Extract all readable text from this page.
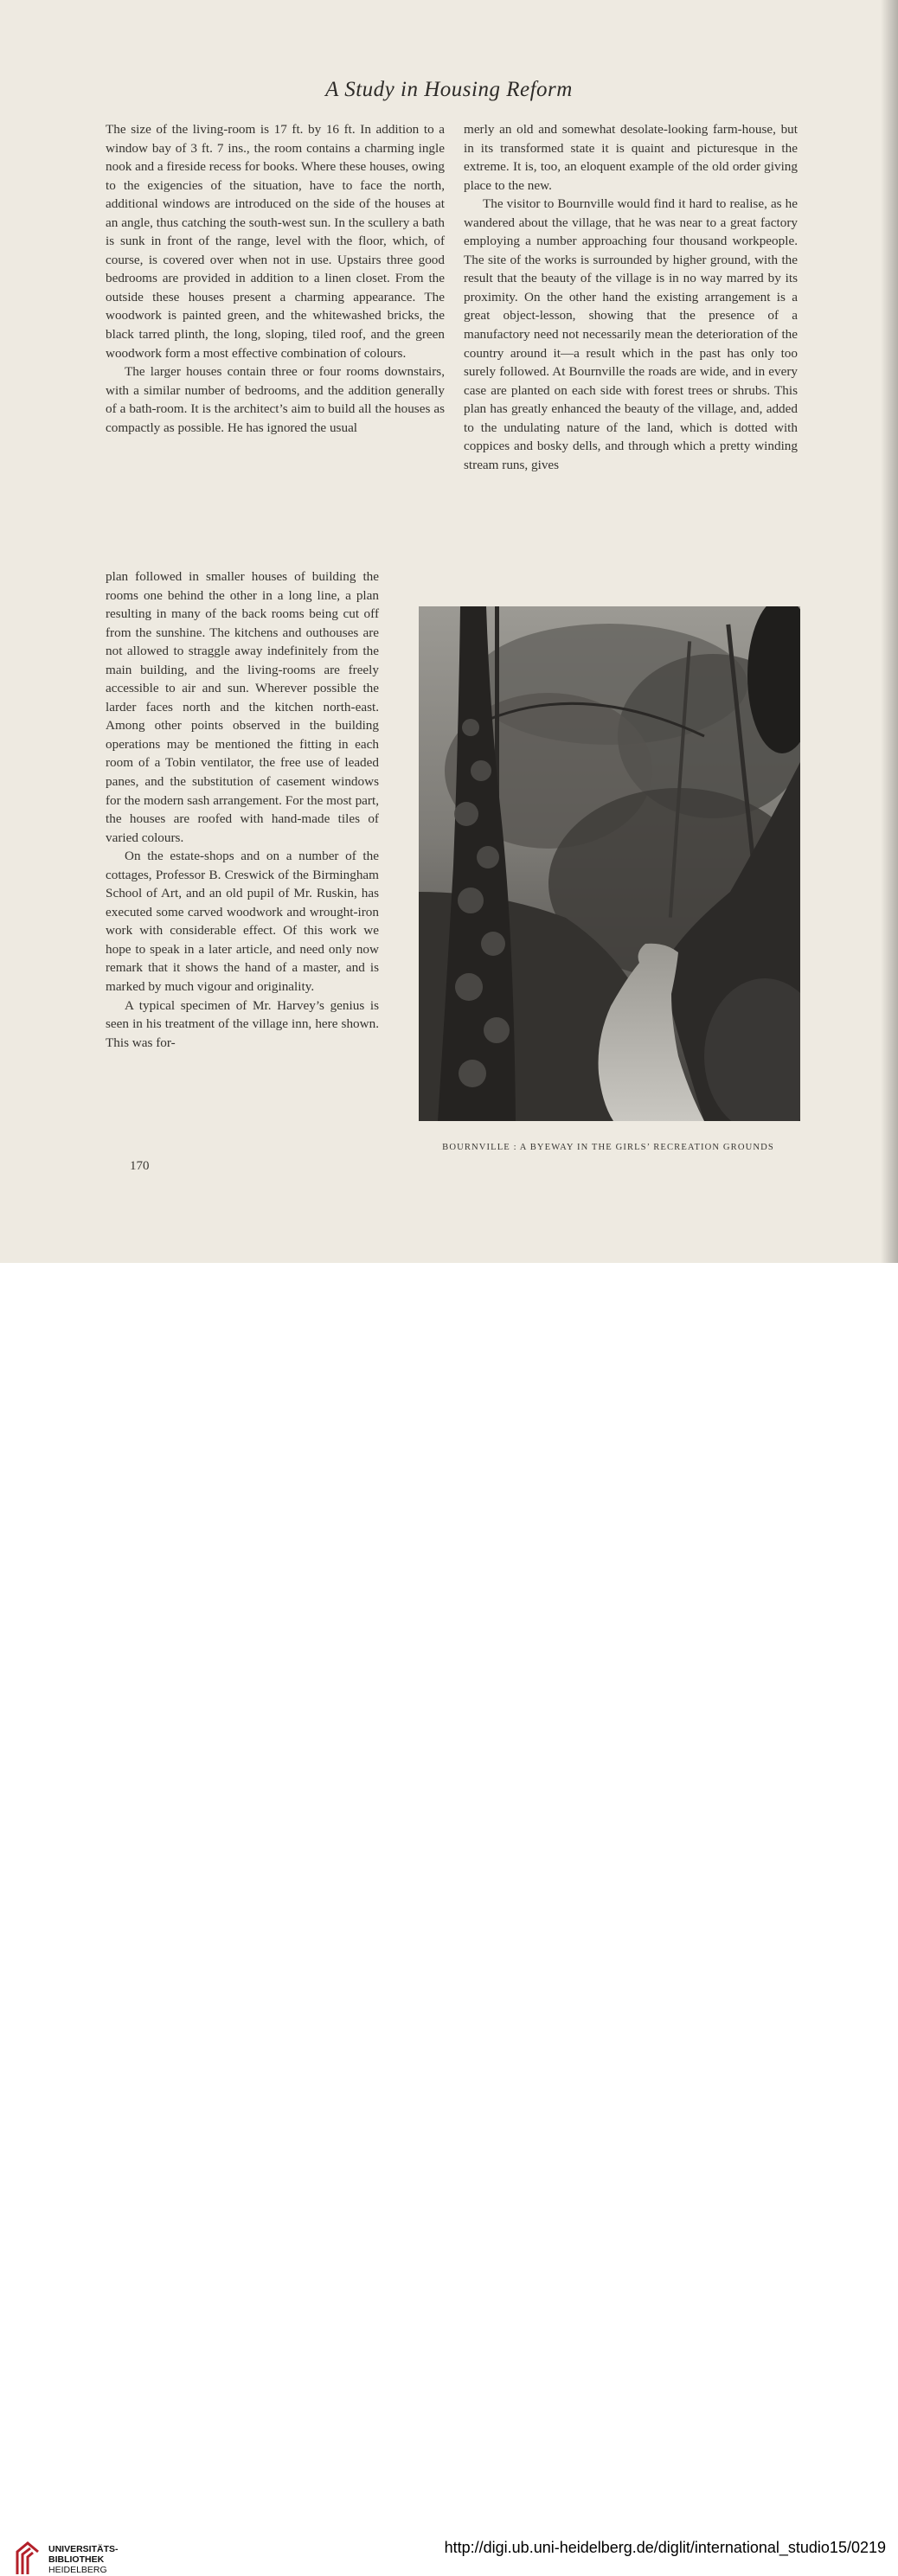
A Study in Housing Reform

The size of the living-room is 17 ft. by 16 ft. In addition to a window bay of 3 ft. 7 ins., the room contains a charming ingle nook and a fireside recess for books. Where these houses, owing to the exigencies of the situation, have to face the north, additional windows are introduced on the side of the houses at an angle, thus catching the south-west sun. In the scullery a bath is sunk in front of the range, level with the floor, which, of course, is covered over when not in use. Upstairs three good bedrooms are provided in addition to a linen closet. From the outside these houses present a charming appearance. The woodwork is painted green, and the whitewashed bricks, the black tarred plinth, the long, sloping, tiled roof, and the green woodwork form a most effective combination of colours.

The larger houses contain three or four rooms downstairs, with a similar number of bedrooms, and the addition generally of a bath-room. It is the architect’s aim to build all the houses as compactly as possible. He has ignored the usual

plan followed in smaller houses of building the rooms one behind the other in a long line, a plan resulting in many of the back rooms being cut off from the sunshine. The kitchens and outhouses are not allowed to straggle away indefinitely from the main building, and the living-rooms are freely accessible to air and sun. Wherever possible the larder faces north and the kitchen north-east. Among other points observed in the building operations may be mentioned the fitting in each room of a Tobin ventilator, the free use of leaded panes, and the substitution of casement windows for the modern sash arrangement. For the most part, the houses are roofed with hand-made tiles of varied colours.

On the estate-shops and on a number of the cottages, Professor B. Creswick of the Birmingham School of Art, and an old pupil of Mr. Ruskin, has executed some carved woodwork and wrought-iron work with considerable effect. Of this work we hope to speak in a later article, and need only now remark that it shows the hand of a master, and is marked by much vigour and originality.

A typical specimen of Mr. Harvey’s genius is seen in his treatment of the village inn, here shown. This was for-

merly an old and somewhat desolate-looking farm-house, but in its transformed state it is quaint and picturesque in the extreme. It is, too, an eloquent example of the old order giving place to the new.

The visitor to Bournville would find it hard to realise, as he wandered about the village, that he was near to a great factory employing a number approaching four thousand workpeople. The site of the works is surrounded by higher ground, with the result that the beauty of the village is in no way marred by its proximity. On the other hand the existing arrangement is a great object-lesson, showing that the presence of a manufactory need not necessarily mean the deterioration of the country around it—a result which in the past has only too surely followed. At Bournville the roads are wide, and in every case are planted on each side with forest trees or shrubs. This plan has greatly enhanced the beauty of the village, and, added to the undulating nature of the land, which is dotted with coppices and bosky dells, and through which a pretty winding stream runs, gives

BOURNVILLE : A BYEWAY IN THE GIRLS’ RECREATION GROUNDS
170
UNIVERSITÄTS-
BIBLIOTHEK
HEIDELBERG
http://digi.ub.uni-heidelberg.de/diglit/international_studio15/0219
